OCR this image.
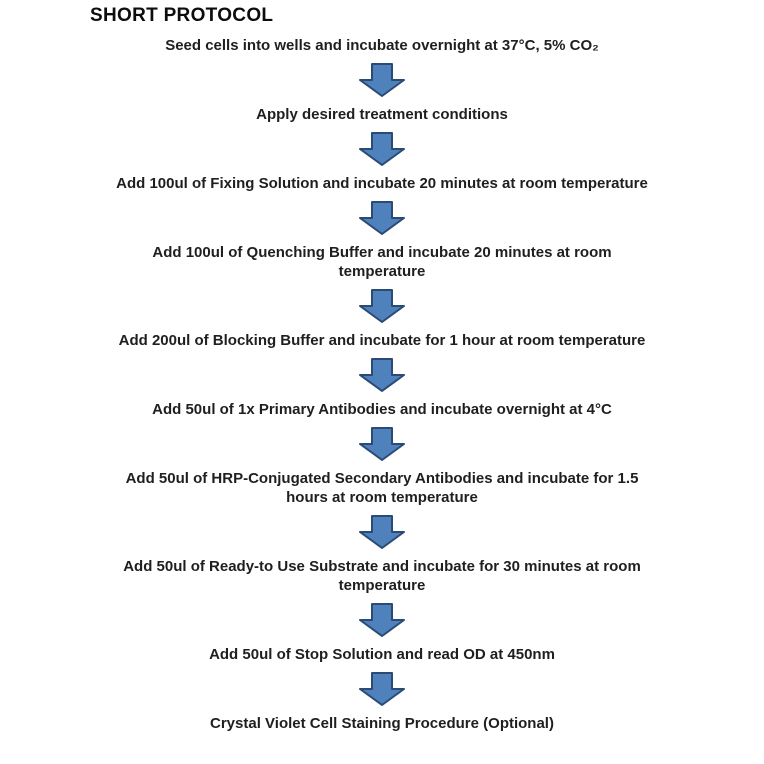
SHORT PROTOCOL
Seed cells into wells and incubate overnight at 37°C, 5% CO₂
Apply desired treatment conditions
Add 100ul of Fixing Solution and incubate 20 minutes at room temperature
Add 100ul of Quenching Buffer and incubate 20 minutes at room
temperature
Add 200ul of Blocking Buffer and incubate for 1 hour at room temperature
Add 50ul of 1x Primary Antibodies and incubate overnight at 4°C
Add 50ul of HRP-Conjugated Secondary Antibodies and incubate for 1.5
hours at room temperature
Add 50ul of Ready-to Use Substrate and incubate for 30 minutes at room
temperature
Add 50ul of Stop Solution and read OD at 450nm
Crystal Violet Cell Staining Procedure (Optional)
